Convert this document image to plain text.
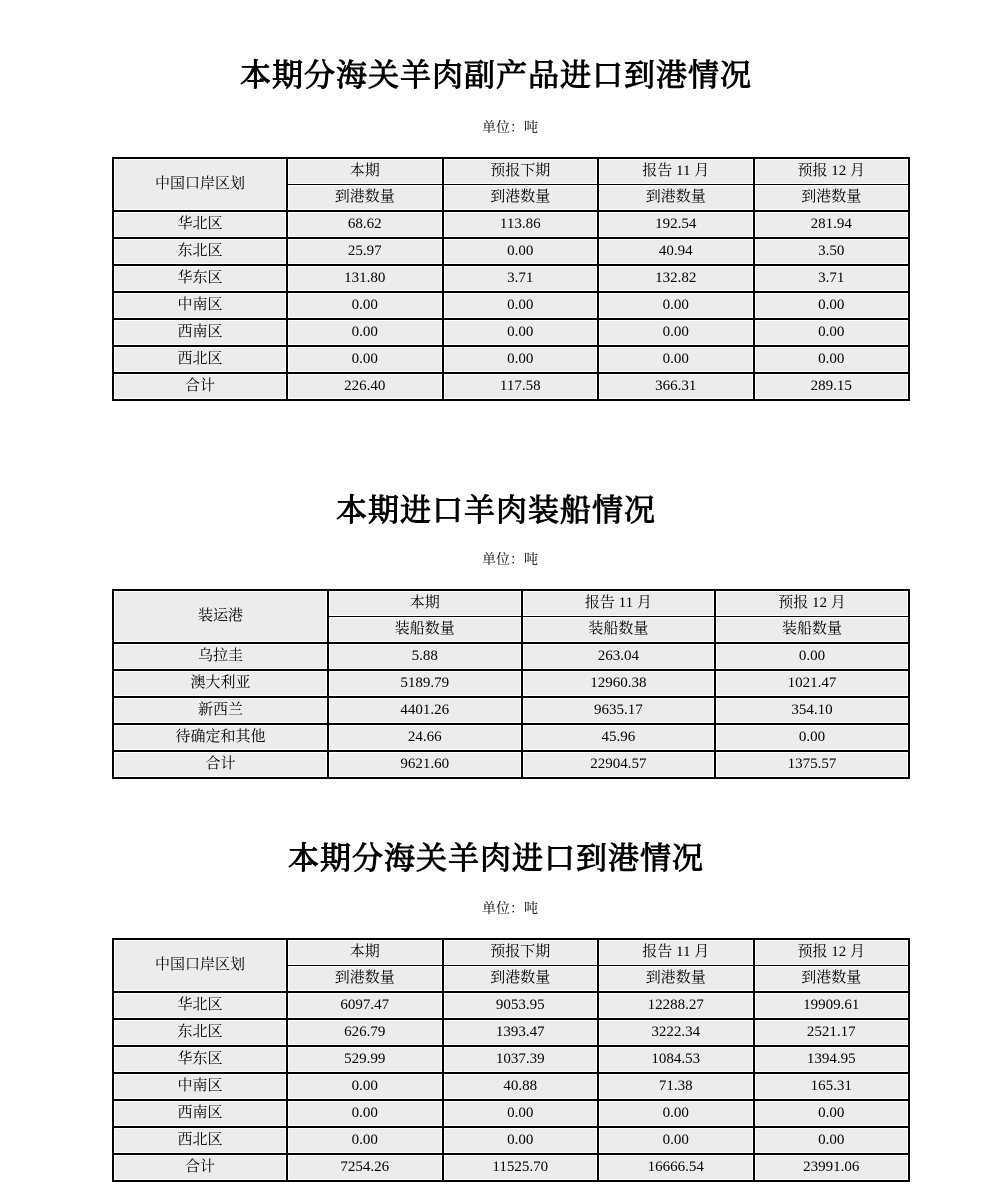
本期分海关羊肉副产品进口到港情况
单位：吨
中国口岸区划	本期	预报下期	报告 11 月	预报 12 月
	到港数量	到港数量	到港数量	到港数量
华北区	68.62	113.86	192.54	281.94
东北区	25.97	0.00	40.94	3.50
华东区	131.80	3.71	132.82	3.71
中南区	0.00	0.00	0.00	0.00
西南区	0.00	0.00	0.00	0.00
西北区	0.00	0.00	0.00	0.00
合计	226.40	117.58	366.31	289.15
本期进口羊肉装船情况
单位：吨
装运港	本期	报告 11 月	预报 12 月
	装船数量	装船数量	装船数量
乌拉圭	5.88	263.04	0.00
澳大利亚	5189.79	12960.38	1021.47
新西兰	4401.26	9635.17	354.10
待确定和其他	24.66	45.96	0.00
合计	9621.60	22904.57	1375.57
本期分海关羊肉进口到港情况
单位：吨
中国口岸区划	本期	预报下期	报告 11 月	预报 12 月
	到港数量	到港数量	到港数量	到港数量
华北区	6097.47	9053.95	12288.27	19909.61
东北区	626.79	1393.47	3222.34	2521.17
华东区	529.99	1037.39	1084.53	1394.95
中南区	0.00	40.88	71.38	165.31
西南区	0.00	0.00	0.00	0.00
西北区	0.00	0.00	0.00	0.00
合计	7254.26	11525.70	16666.54	23991.06
